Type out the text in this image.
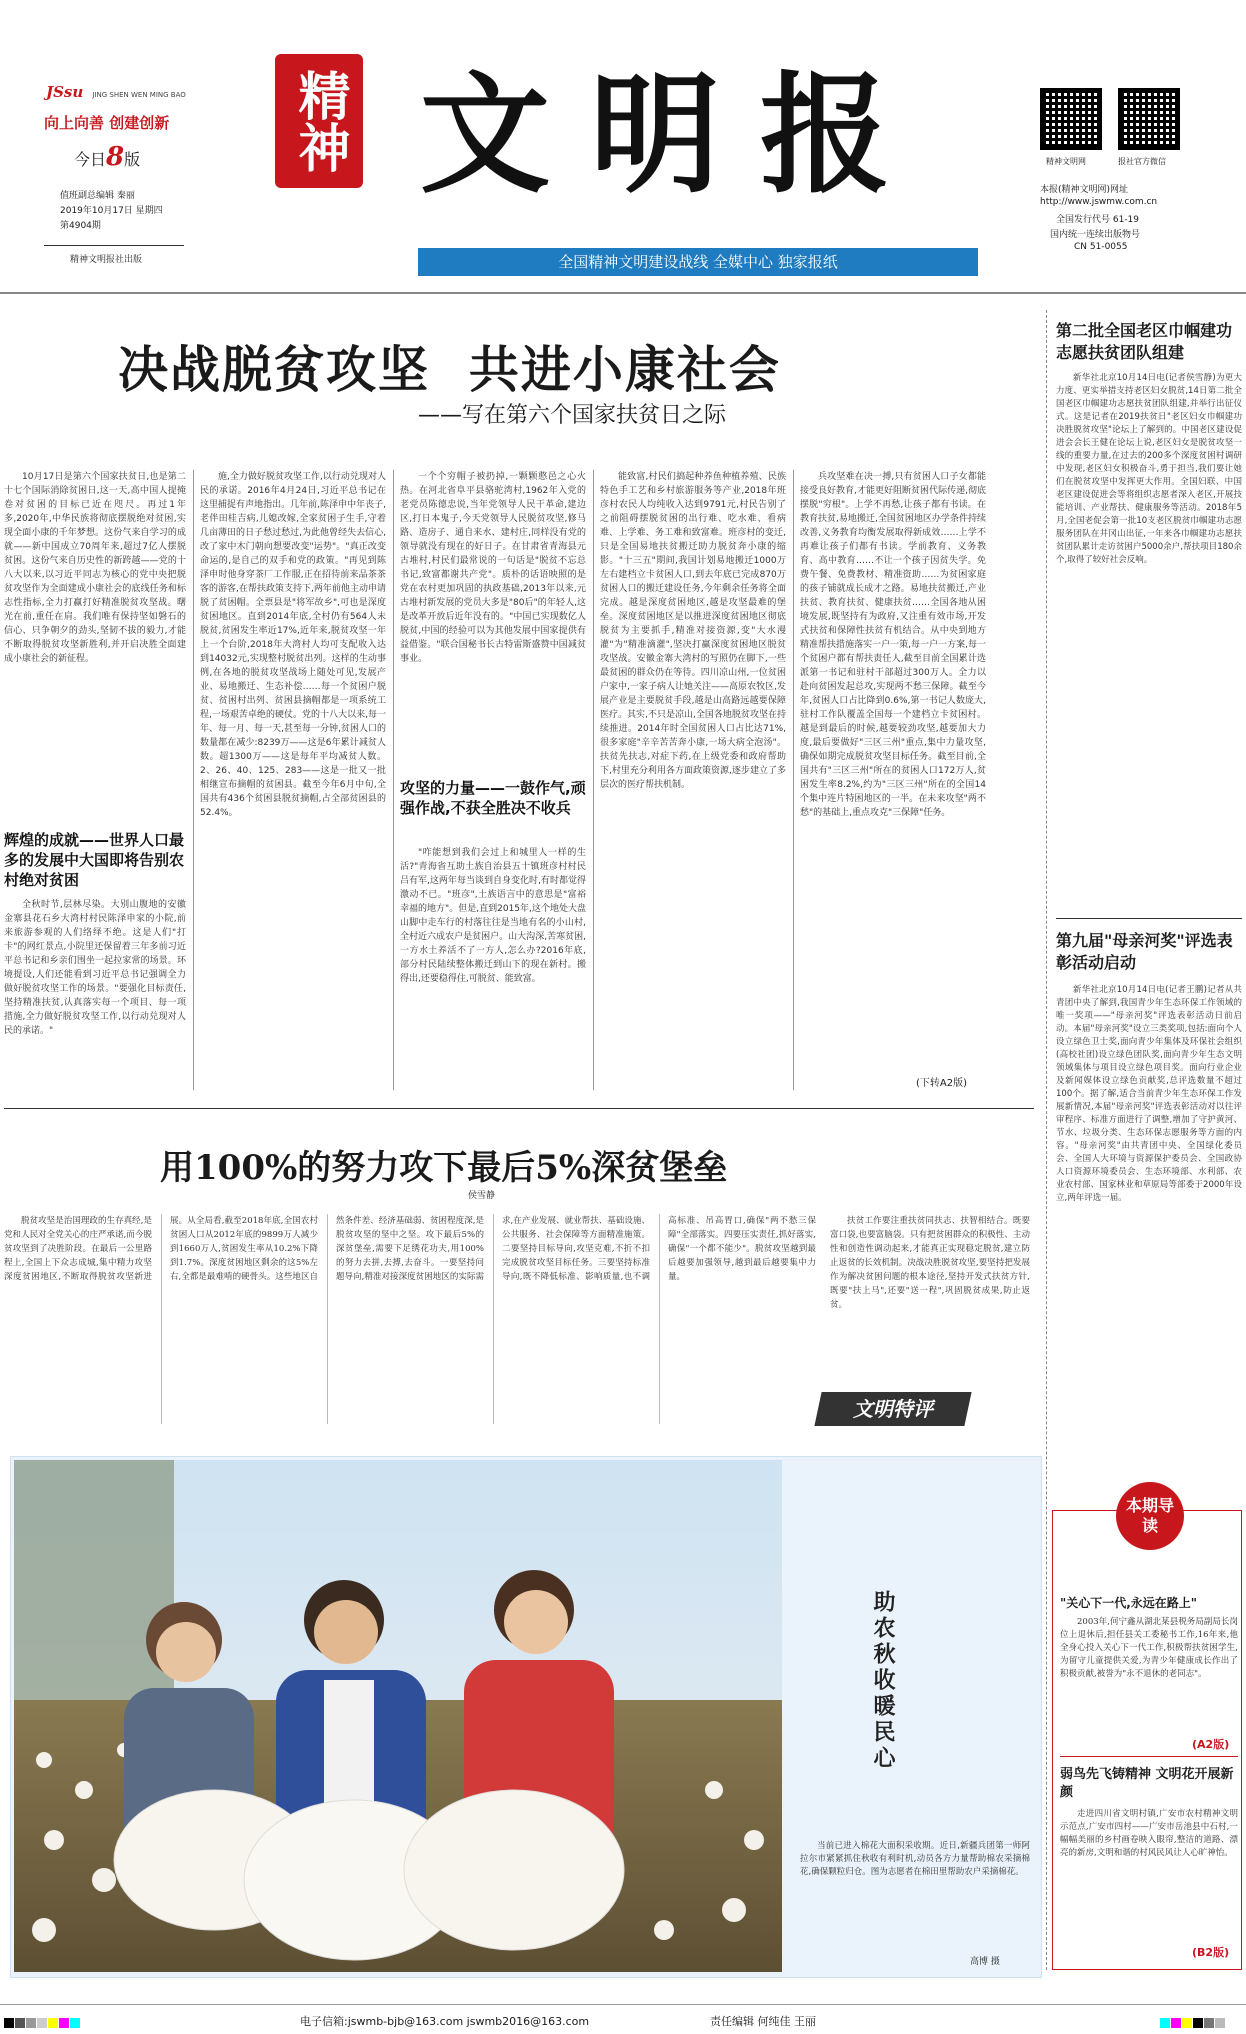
JSsu JING SHEN WEN MING BAO
向上向善 创建创新
今日8版
值班副总编辑 秦丽
2019年10月17日 星期四
第4904期
精神文明报社出版
精神 文明报
全国精神文明建设战线 全媒中心 独家报纸
精神文明网	报社官方微信
本报(精神文明网)网址
http://www.jswmw.com.cn
全国发行代号 61-19
国内统一连续出版物号
CN 51-0055
决战脱贫攻坚  共进小康社会
——写在第六个国家扶贫日之际

10月17日是第六个国家扶贫日,也是第二十七个国际消除贫困日,这一天,高中国人提掩卷对贫困的目标已近在咫尺。再过1年多,2020年,中华民族将彻底摆脱绝对贫困,实现全面小康的千年梦想。这份气来自学习的成就——新中国成立70周年来,超过7亿人摆脱贫困。这份气来自历史性的新跨越——党的十八大以来,以习近平同志为核心的党中央把脱贫攻坚作为全面建成小康社会的底线任务和标志性指标,全力打赢打好精准脱贫攻坚战。曙光在前,重任在肩。我们唯有保持坚如磐石的信心、只争朝夕的劲头,坚韧不拔的毅力,才能不断取得脱贫攻坚新胜利,并开启决胜全面建成小康社会的新征程。

辉煌的成就——世界人口最多的发展中大国即将告别农村绝对贫困

全秋时节,层林尽染。大别山腹地的安徽金寨县花石乡大湾村村民陈泽申家的小院,前来旅游参观的人们络绎不绝。这是人们"打卡"的网红景点,小院里还保留着三年多前习近平总书记和乡亲们围坐一起拉家常的场景。环境提设,人们还能看到习近平总书记强调全力做好脱贫攻坚工作的场景。"要强化目标责任,坚持精准扶贫,认真落实每一个项目、每一项措施,全力做好脱贫攻坚工作,以行动兑现对人民的承诺。"

施,全力做好脱贫攻坚工作,以行动兑现对人民的承诺。2016年4月24日,习近平总书记在这里捕捉有声地指出。几年前,陈泽申中年丧子,老伴田桂吉病,儿媳改嫁,全家贫困子生手,守着几亩薄田的日子愁过愁过,为此他曾经失去信心,改了家中木门朝向想要改变"运势"。"真正改变命运的,是自己的双手和党的政策。"再见到陈泽申时他身穿茶厂工作服,正在招待前来品茶茶客的游客,在帮扶政策支持下,两年前他主动申请脱了贫困帽。全票县是"将军故乡",可也是深度贫困地区。直到2014年底,全村仍有564人未脱贫,贫困发生率近17%,近年来,脱贫攻坚一年上一个台阶,2018年大湾村人均可支配收入达到14032元,实现整村脱贫出列。这样的生动事例,在各地的脱贫攻坚战场上随处可见,发展产业、易地搬迁、生态补偿……每一个贫困户脱贫、贫困村出列、贫困县摘帽都是一项系统工程,一场艰苦卓绝的硬仗。党的十八大以来,每一年、每一月、每一天,甚至每一分钟,贫困人口的数量都在减少:8239万——这是6年累计减贫人数。超1300万——这是每年平均减贫人数。2、26、40、125、283——这是一批又一批相继宣布摘帽的贫困县。截至今年6月中旬,全国共有436个贫困县脱贫摘帽,占全部贫困县的52.4%。

一个个穷帽子被扔掉,一颗颗憨邑之心火热。在河北省阜平县骆驼湾村,1962年入党的老党员陈德忠说,当年党领导人民干革命,建边区,打日本鬼子,今天党领导人民脱贫攻坚,修马路、造房子、通自来水、建村庄,同样没有党的领导就没有现在的好日子。在甘肃省青海县元古堆村,村民们最常说的一句话是"脱贫不忘总书记,致富都谢共产党"。质朴的话语映照的是党在农村更加巩固的执政基础,2013年以来,元古堆村新发展的党员大多是"80后"的年轻人,这是改革开放后近年没有的。"中国已实现数亿人脱贫,中国的经验可以为其他发展中国家提供有益借鉴。"联合国秘书长古特雷斯盛赞中国减贫事业。

攻坚的力量——一鼓作气,顽强作战,不获全胜决不收兵

"咋能想到我们会过上和城里人一样的生活?"青海省互助土族自治县五十镇班彦村村民吕有军,这两年每当谈到自身变化时,有时都觉得激动不已。"班彦",土族语言中的意思是"富裕幸福的地方"。但是,直到2015年,这个地处大盘山脚中走车行的村落往往是当地有名的小山村,全村近六成农户是贫困户。山大沟深,苦寒贫困,一方水土养活不了一方人,怎么办?2016年底,部分村民陆续整体搬迁到山下的现在新村。搬得出,还要稳得住,可脱贫、能致富。

能致富,村民们搞起种养鱼种植养殖、民族特色手工艺和乡村旅游服务等产业,2018年班彦村农民人均纯收入达到9791元,村民告别了之前阻碍摆脱贫困的出行难、吃水难、看病难、上学难、务工难和致富难。班彦村的变迁,只是全国易地扶贫搬迁助力脱贫奔小康的缩影。"十三五"期间,我国计划易地搬迁1000万左右建档立卡贫困人口,到去年底已完成870万贫困人口的搬迁建设任务,今年剩余任务将全面完成。越是深度贫困地区,越是攻坚最难的堡垒。深度贫困地区是以推进深度贫困地区彻底脱贫为主要抓手,精准对接资源,变"大水漫灌"为"精准滴灌",坚决打赢深度贫困地区脱贫攻坚战。安徽金寨大湾村的写照仍在脚下,一些最贫困的群众仍在等待。四川凉山州,一位贫困户家中,一家子病人让她关注——高原农牧区,发展产业是主要脱贫手段,越是山高路远越要保障医疗。其实,不只是凉山,全国各地脱贫攻坚在持续推进。2014年时全国贫困人口占比达71%,很多家庭"辛辛苦苦奔小康,一场大病全泡汤"。扶贫先扶志,对症下药,在上级党委和政府帮助下,村里充分利用各方面政策资源,逐步建立了多层次的医疗帮扶机制。

兵攻坚难在决一搏,只有贫困人口子女都能接受良好教育,才能更好阻断贫困代际传递,彻底摆脱"穷根"。上学不再愁,让孩子都有书读。在教育扶贫,易地搬迁,全国贫困地区办学条件持续改善,义务教育均衡发展取得新成效……上学不再难让孩子们都有书读。学前教育、义务教育、高中教育……不让一个孩子因贫失学。免费午餐、免费教材、精准资助……为贫困家庭的孩子铺就成长成才之路。易地扶贫搬迁,产业扶贫、教育扶贫、健康扶贫……全国各地从困境发展,既坚持有为政府,又注重有效市场,开发式扶贫和保障性扶贫有机结合。从中央到地方精准帮扶措施落实一户一策,每一户一方案,每一个贫困户都有帮扶责任人,截至目前全国累计选派第一书记和驻村干部超过300万人。全力以赴向贫困发起总攻,实现两不愁三保障。截至今年,贫困人口占比降到0.6%,第一书记人数庞大,驻村工作队覆盖全国每一个建档立卡贫困村。越是到最后的时候,越要较劲攻坚,越要加大力度,最后要做好"三区三州"重点,集中力量攻坚,确保如期完成脱贫攻坚目标任务。截至目前,全国共有"三区三州"所在的贫困人口172万人,贫困发生率8.2%,约为"三区三州"所在的全国14个集中连片特困地区的一半。在未来攻坚"两不愁"的基础上,重点攻克"三保障"任务。

(下转A2版)
用100%的努力攻下最后5%深贫堡垒
侯雪静

脱贫攻坚是治国理政的生存真经,是党和人民对全党关心的庄严承诺,而今脱贫攻坚到了决胜阶段。在最后一公里路程上,全国上下众志成城,集中精力攻坚深度贫困地区,不断取得脱贫攻坚新进展。从全局看,截至2018年底,全国农村贫困人口从2012年底的9899万人减少到1660万人,贫困发生率从10.2%下降到1.7%。深度贫困地区剩余的这5%左右,全都是最难啃的硬骨头。这些地区自然条件差、经济基础弱、贫困程度深,是脱贫攻坚的坚中之坚。攻下最后5%的深贫堡垒,需要下足绣花功夫,用100%的努力去拼,去搏,去奋斗。一要坚持问题导向,精准对接深度贫困地区的实际需求,在产业发展、就业帮扶、基础设施、公共服务、社会保障等方面精准施策。二要坚持目标导向,攻坚克难,不折不扣完成脱贫攻坚目标任务。三要坚持标准导向,既不降低标准、影响质量,也不调高标准、吊高胃口,确保"两不愁三保障"全部落实。四要压实责任,抓好落实,确保"一个都不能少"。脱贫攻坚越到最后越要加强领导,越到最后越要集中力量。

扶贫工作要注重扶贫同扶志、扶智相结合。既要富口袋,也要富脑袋。只有把贫困群众的积极性、主动性和创造性调动起来,才能真正实现稳定脱贫,建立防止返贫的长效机制。决战决胜脱贫攻坚,要坚持把发展作为解决贫困问题的根本途径,坚持开发式扶贫方针,既要"扶上马",还要"送一程",巩固脱贫成果,防止返贫。

文明特评
助农秋收暖民心

当前已进入棉花大面积采收期。近日,新疆兵团第一师阿拉尔市紧紧抓住秋收有利时机,动员各方力量帮助棉农采摘棉花,确保颗粒归仓。图为志愿者在棉田里帮助农户采摘棉花。

高博 摄
第二批全国老区巾帼建功志愿扶贫团队组建

新华社北京10月14日电(记者侯雪静)为更大力度、更实举措支持老区妇女脱贫,14日第二批全国老区巾帼建功志愿扶贫团队组建,并举行出征仪式。这是记者在2019扶贫日"老区妇女巾帼建功决胜脱贫攻坚"论坛上了解到的。中国老区建设促进会会长王健在论坛上说,老区妇女是脱贫攻坚一线的重要力量,在过去的200多个深度贫困村调研中发现,老区妇女积极奋斗,勇于担当,我们要让她们在脱贫攻坚中发挥更大作用。全国妇联、中国老区建设促进会等将组织志愿者深入老区,开展技能培训、产业帮扶、健康服务等活动。2018年5月,全国老促会第一批10支老区脱贫巾帼建功志愿服务团队在井冈山出征,一年来各巾帼建功志愿扶贫团队累计走访贫困户5000余户,帮扶项目180余个,取得了较好社会反响。

第九届"母亲河奖"评选表彰活动启动

新华社北京10月14日电(记者王鹏)记者从共青团中央了解到,我国青少年生态环保工作领域的唯一奖项——"母亲河奖"评选表彰活动日前启动。本届"母亲河奖"设立三类奖项,包括:面向个人设立绿色卫士奖,面向青少年集体及环保社会组织(高校社团)设立绿色团队奖,面向青少年生态文明领域集体与项目设立绿色项目奖。面向行业企业及新闻媒体设立绿色贡献奖,总评选数量不超过100个。据了解,适合当前青少年生态环保工作发展新情况,本届"母亲河奖"评选表彰活动对以往评审程序、标准方面进行了调整,增加了守护黄河、节水、垃圾分类、生态环保志愿服务等方面的内容。"母亲河奖"由共青团中央、全国绿化委员会、全国人大环境与资源保护委员会、全国政协人口资源环境委员会、生态环境部、水利部、农业农村部、国家林业和草原局等部委于2000年设立,两年评选一届。

本期导读
"关心下一代,永远在路上"

2003年,何宁鑫从湖北某县税务局副局长岗位上退休后,担任县关工委秘书工作,16年来,他全身心投入关心下一代工作,积极帮扶贫困学生,为留守儿童提供关爱,为青少年健康成长作出了积极贡献,被誉为"永不退休的老同志"。

(A2版)
弱鸟先飞铸精神 文明花开展新颜

走进四川省文明村镇,广安市农村精神文明示范点,广安市四村——广安市岳池县中石村,一幅幅美丽的乡村画卷映入眼帘,整洁的道路、漂亮的新房,文明和谐的村风民风让人心旷神怡。

(B2版)
电子信箱:jswmb-bjb@163.com jswmb2016@163.com	责任编辑 何纯佳 王丽
